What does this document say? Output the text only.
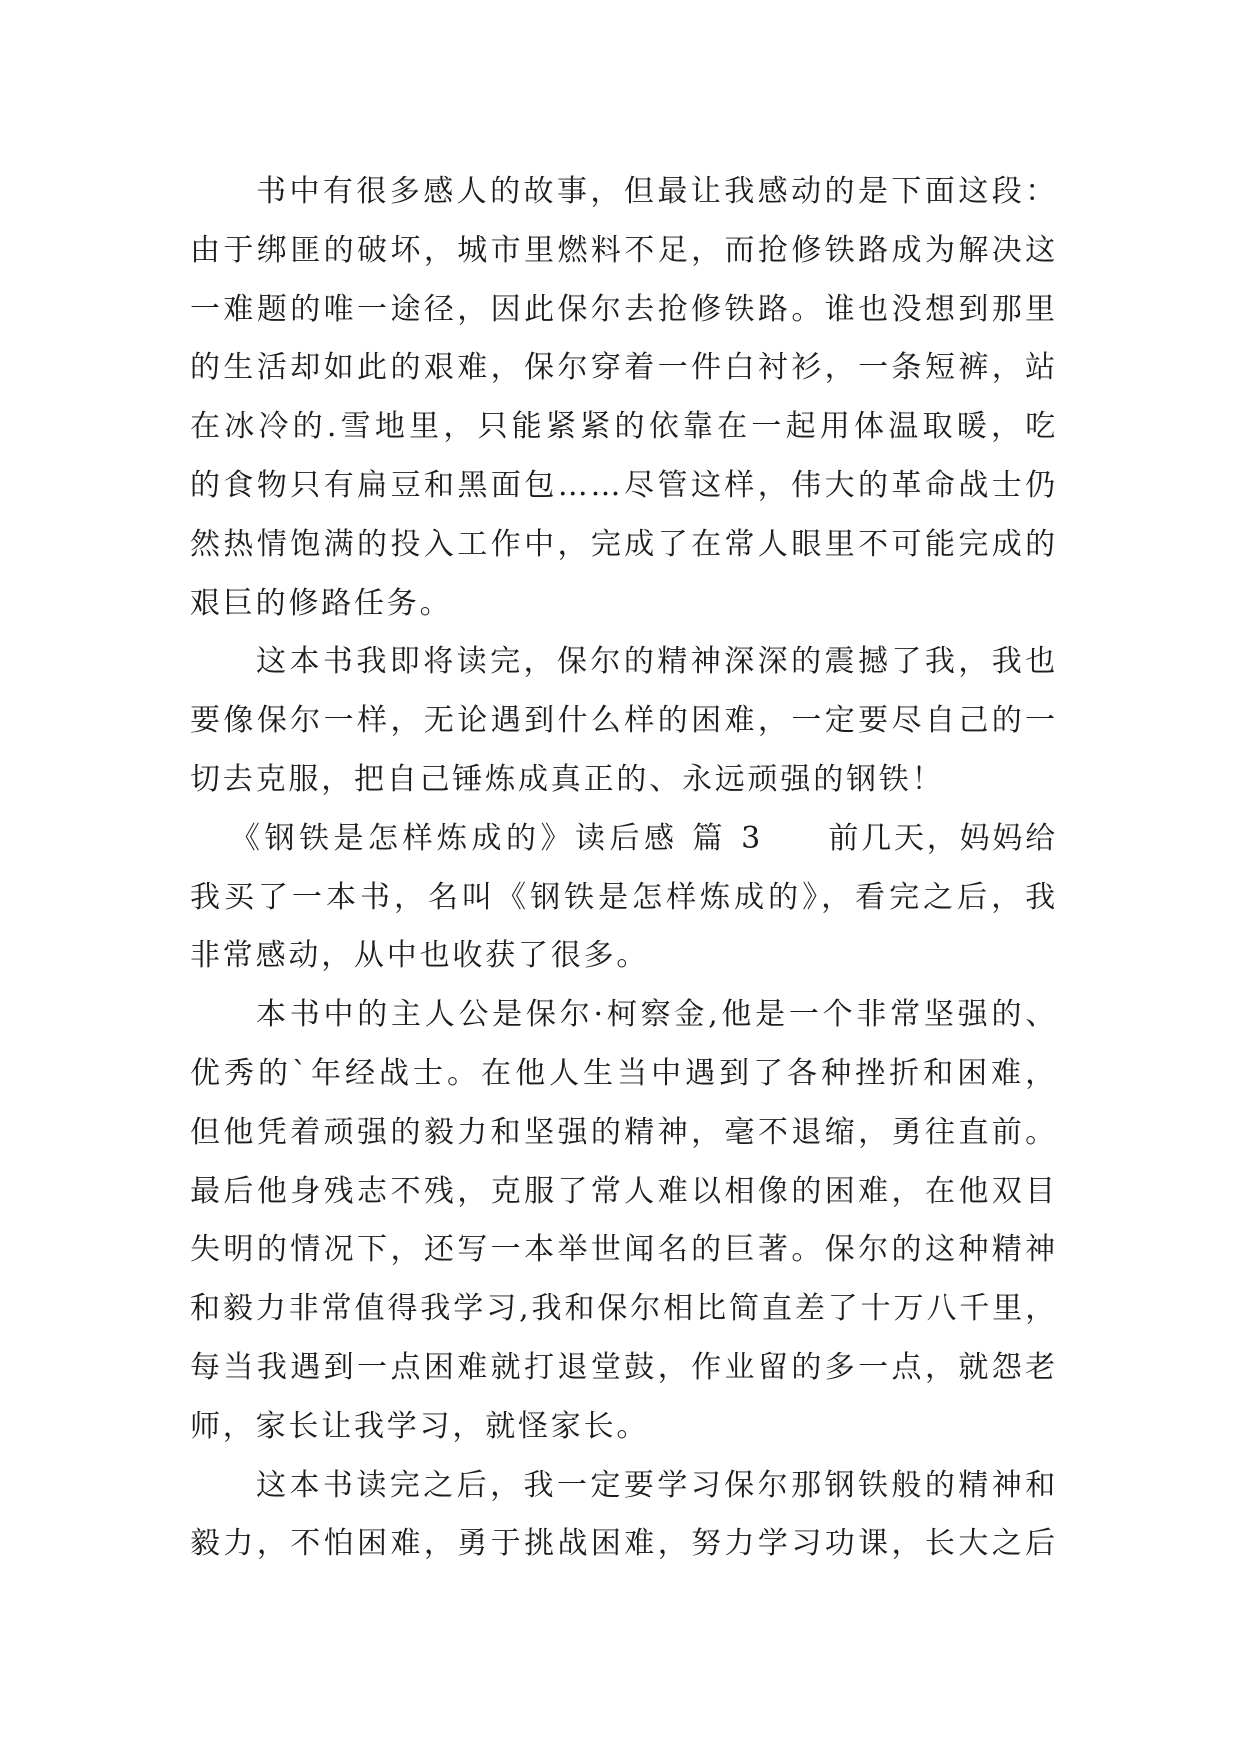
书中有很多感人的故事，但最让我感动的是下面这段：
由于绑匪的破坏，城市里燃料不足，而抢修铁路成为解决这
一难题的唯一途径，因此保尔去抢修铁路。谁也没想到那里
的生活却如此的艰难，保尔穿着一件白衬衫，一条短裤，站
在冰冷的.雪地里，只能紧紧的依靠在一起用体温取暖，吃
的食物只有扁豆和黑面包……尽管这样，伟大的革命战士仍
然热情饱满的投入工作中，完成了在常人眼里不可能完成的
艰巨的修路任务。
这本书我即将读完，保尔的精神深深的震撼了我，我也
要像保尔一样，无论遇到什么样的困难，一定要尽自己的一
切去克服，把自己锤炼成真正的、永远顽强的钢铁！
《钢铁是怎样炼成的》读后感 篇 3 前几天，妈妈给
我买了一本书，名叫《钢铁是怎样炼成的》，看完之后，我
非常感动，从中也收获了很多。
本书中的主人公是保尔·柯察金,他是一个非常坚强的、
优秀的`年经战士。在他人生当中遇到了各种挫折和困难，
但他凭着顽强的毅力和坚强的精神，毫不退缩，勇往直前。
最后他身残志不残，克服了常人难以相像的困难，在他双目
失明的情况下，还写一本举世闻名的巨著。保尔的这种精神
和毅力非常值得我学习,我和保尔相比简直差了十万八千里，
每当我遇到一点困难就打退堂鼓，作业留的多一点，就怨老
师，家长让我学习，就怪家长。
这本书读完之后，我一定要学习保尔那钢铁般的精神和
毅力，不怕困难，勇于挑战困难，努力学习功课，长大之后
